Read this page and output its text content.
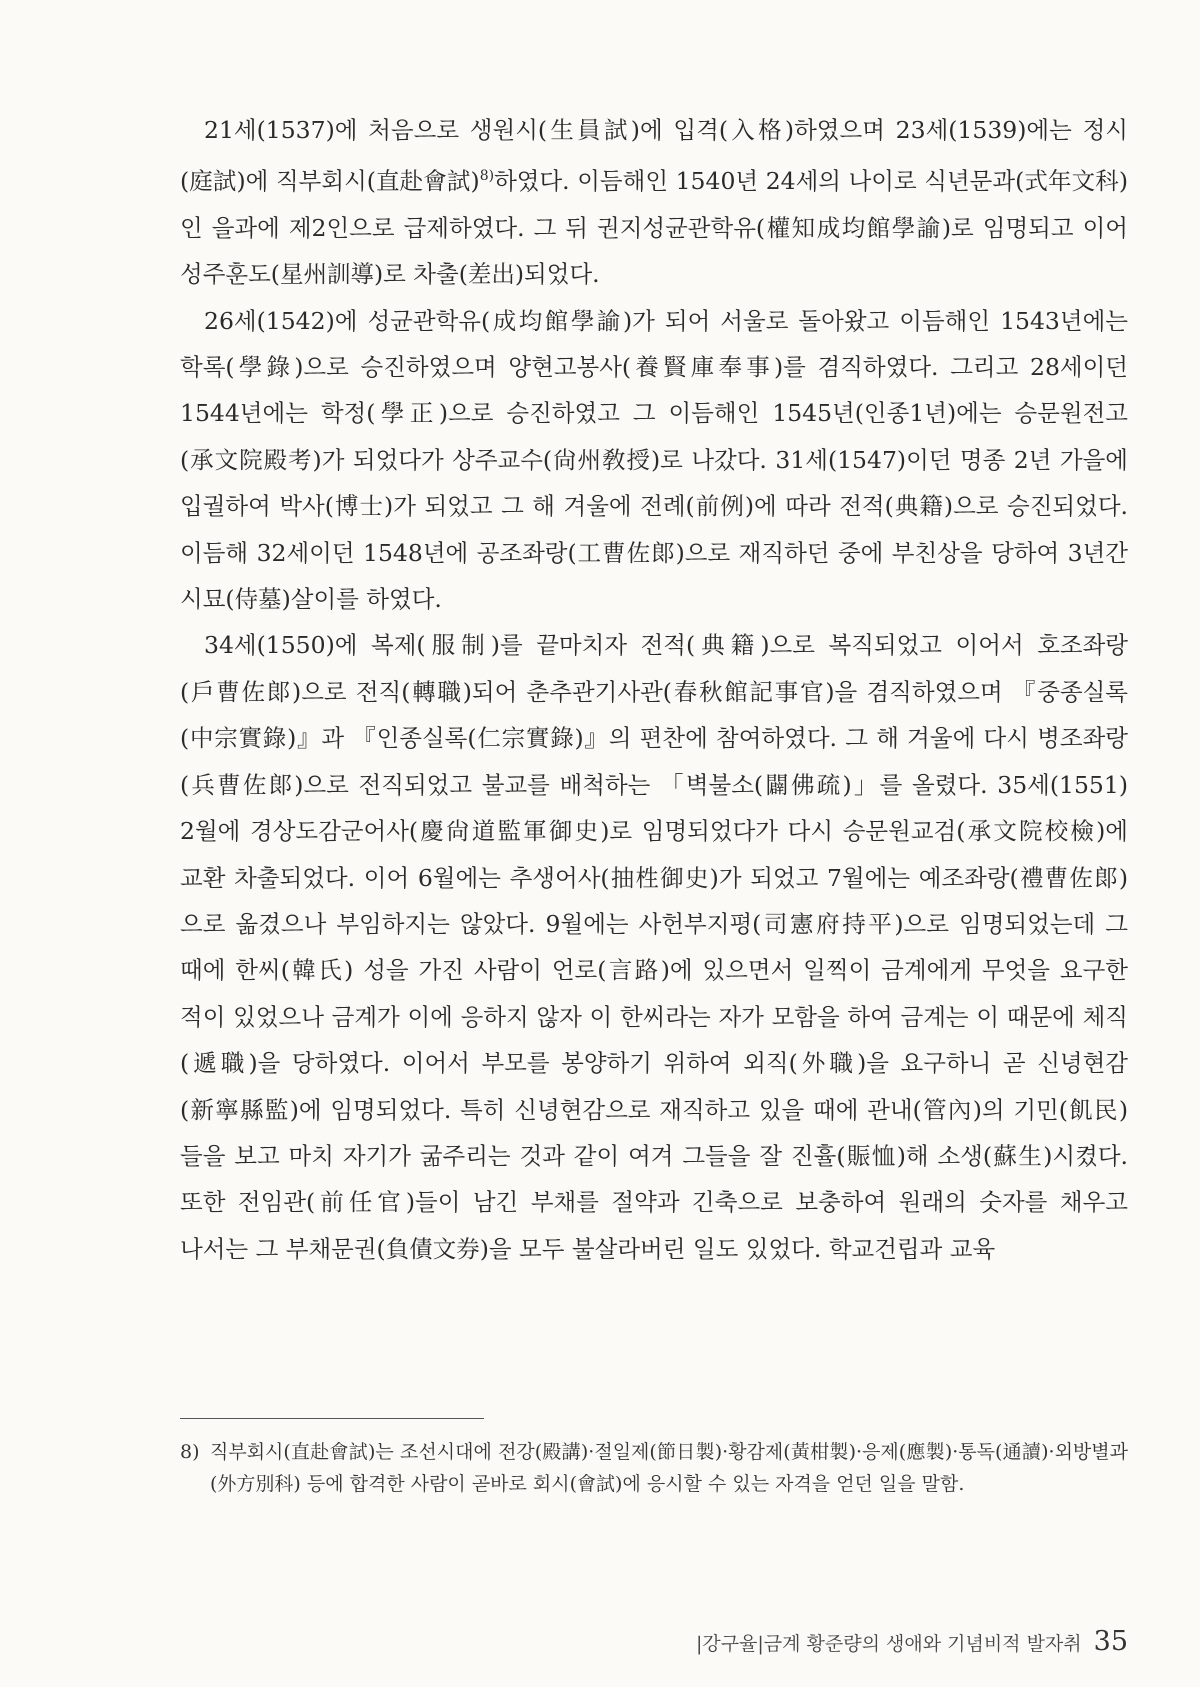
21세(1537)에 처음으로 생원시(生員試)에 입격(入格)하였으며 23세(1539)에는 정시(庭試)에 직부회시(直赴會試)$^{8)}$하였다. 이듬해인 1540년 24세의 나이로 식년문과(式年文科)인 을과에 제2인으로 급제하였다. 그 뒤 권지성균관학유(權知成均館學諭)로 임명되고 이어 성주훈도(星州訓導)로 차출(差出)되었다.

26세(1542)에 성균관학유(成均館學諭)가 되어 서울로 돌아왔고 이듬해인 1543년에는 학록(學錄)으로 승진하였으며 양현고봉사(養賢庫奉事)를 겸직하였다. 그리고 28세이던 1544년에는 학정(學正)으로 승진하였고 그 이듬해인 1545년(인종1년)에는 승문원전고(承文院殿考)가 되었다가 상주교수(尙州敎授)로 나갔다. 31세(1547)이던 명종 2년 가을에 입궐하여 박사(博士)가 되었고 그 해 겨울에 전례(前例)에 따라 전적(典籍)으로 승진되었다. 이듬해 32세이던 1548년에 공조좌랑(工曹佐郞)으로 재직하던 중에 부친상을 당하여 3년간 시묘(侍墓)살이를 하였다.

34세(1550)에 복제(服制)를 끝마치자 전적(典籍)으로 복직되었고 이어서 호조좌랑(戶曹佐郞)으로 전직(轉職)되어 춘추관기사관(春秋館記事官)을 겸직하였으며 『중종실록(中宗實錄)』과 『인종실록(仁宗實錄)』의 편찬에 참여하였다. 그 해 겨울에 다시 병조좌랑(兵曹佐郞)으로 전직되었고 불교를 배척하는 「벽불소(闢佛疏)」를 올렸다. 35세(1551) 2월에 경상도감군어사(慶尙道監軍御史)로 임명되었다가 다시 승문원교검(承文院校檢)에 교환 차출되었다. 이어 6월에는 추생어사(抽栍御史)가 되었고 7월에는 예조좌랑(禮曹佐郞)으로 옮겼으나 부임하지는 않았다. 9월에는 사헌부지평(司憲府持平)으로 임명되었는데 그 때에 한씨(韓氏) 성을 가진 사람이 언로(言路)에 있으면서 일찍이 금계에게 무엇을 요구한 적이 있었으나 금계가 이에 응하지 않자 이 한씨라는 자가 모함을 하여 금계는 이 때문에 체직(遞職)을 당하였다. 이어서 부모를 봉양하기 위하여 외직(外職)을 요구하니 곧 신녕현감(新寧縣監)에 임명되었다. 특히 신녕현감으로 재직하고 있을 때에 관내(管內)의 기민(飢民)들을 보고 마치 자기가 굶주리는 것과 같이 여겨 그들을 잘 진휼(賑恤)해 소생(蘇生)시켰다. 또한 전임관(前任官)들이 남긴 부채를 절약과 긴축으로 보충하여 원래의 숫자를 채우고 나서는 그 부채문권(負債文券)을 모두 불살라버린 일도 있었다. 학교건립과 교육

8) 직부회시(直赴會試)는 조선시대에 전강(殿講)·절일제(節日製)·황감제(黃柑製)·응제(應製)·통독(通讀)·외방별과(外方別科) 등에 합격한 사람이 곧바로 회시(會試)에 응시할 수 있는 자격을 얻던 일을 말함.
|강구율|금계 황준량의 생애와 기념비적 발자취 35
